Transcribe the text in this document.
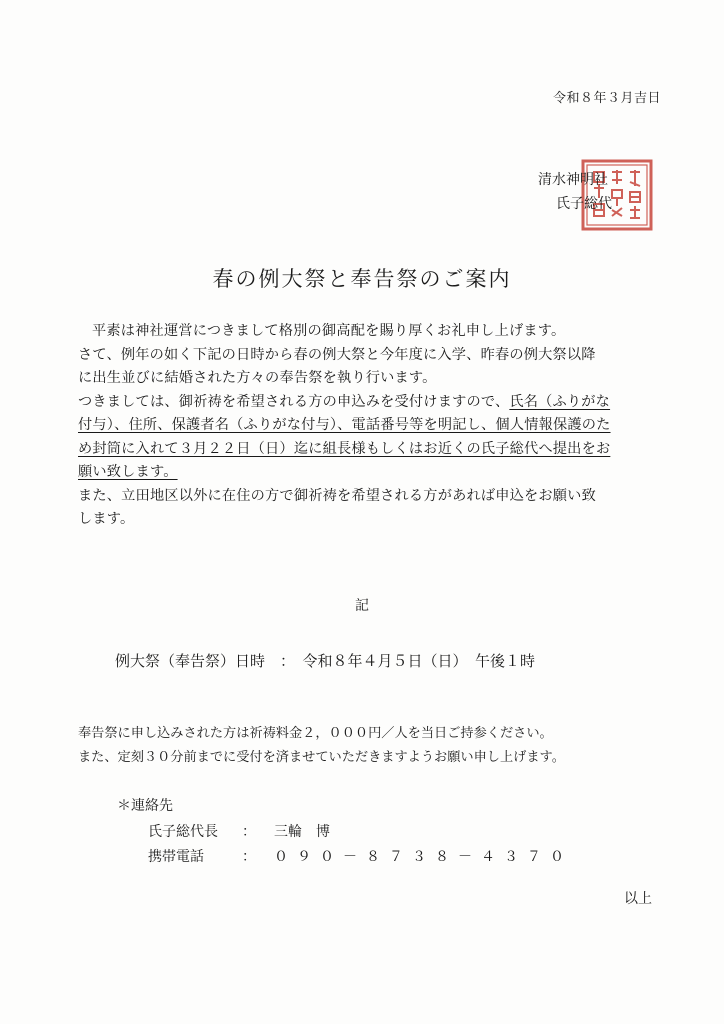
令和８年３月吉日
清水神明社
氏子総代
春の例大祭と奉告祭のご案内

平素は神社運営につきまして格別の御高配を賜り厚くお礼申し上げます。

さて、例年の如く下記の日時から春の例大祭と今年度に入学、昨春の例大祭以降

に出生並びに結婚された方々の奉告祭を執り行います。

つきましては、御祈祷を希望される方の申込みを受付けますので、氏名（ふりがな

付与）、住所、保護者名（ふりがな付与）、電話番号等を明記し、個人情報保護のた

め封筒に入れて３月２２日（日）迄に組長様もしくはお近くの氏子総代へ提出をお

願い致します。

また、立田地区以外に在住の方で御祈祷を希望される方があれば申込をお願い致

します。

記
例大祭（奉告祭）日時　：　令和８年４月５日（日）　午後１時

奉告祭に申し込みされた方は祈祷料金２，０００円／人を当日ご持参ください。

また、定刻３０分前までに受付を済ませていただきますようお願い申し上げます。

＊連絡先
氏子総代長 ： 三輪　博
携帯電話	： ０９０－８７３８－４３７０
以上
